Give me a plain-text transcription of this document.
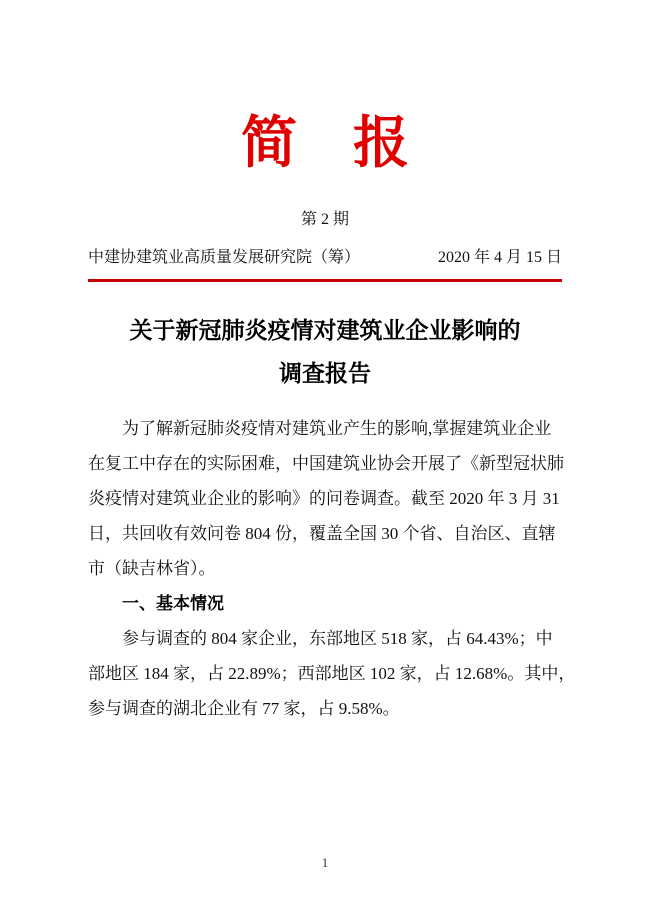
简　报
第 2 期
中建协建筑业高质量发展研究院（筹）	2020 年 4 月 15 日
关于新冠肺炎疫情对建筑业企业影响的
调查报告
为了解新冠肺炎疫情对建筑业产生的影响,掌握建筑业企业
在复工中存在的实际困难，中国建筑业协会开展了《新型冠状肺
炎疫情对建筑业企业的影响》的问卷调查。截至 2020 年 3 月 31
日，共回收有效问卷 804 份，覆盖全国 30 个省、自治区、直辖
市（缺吉林省）。
一、基本情况
参与调查的 804 家企业，东部地区 518 家，占 64.43%；中
部地区 184 家，占 22.89%；西部地区 102 家，占 12.68%。其中，
参与调查的湖北企业有 77 家，占 9.58%。
1
